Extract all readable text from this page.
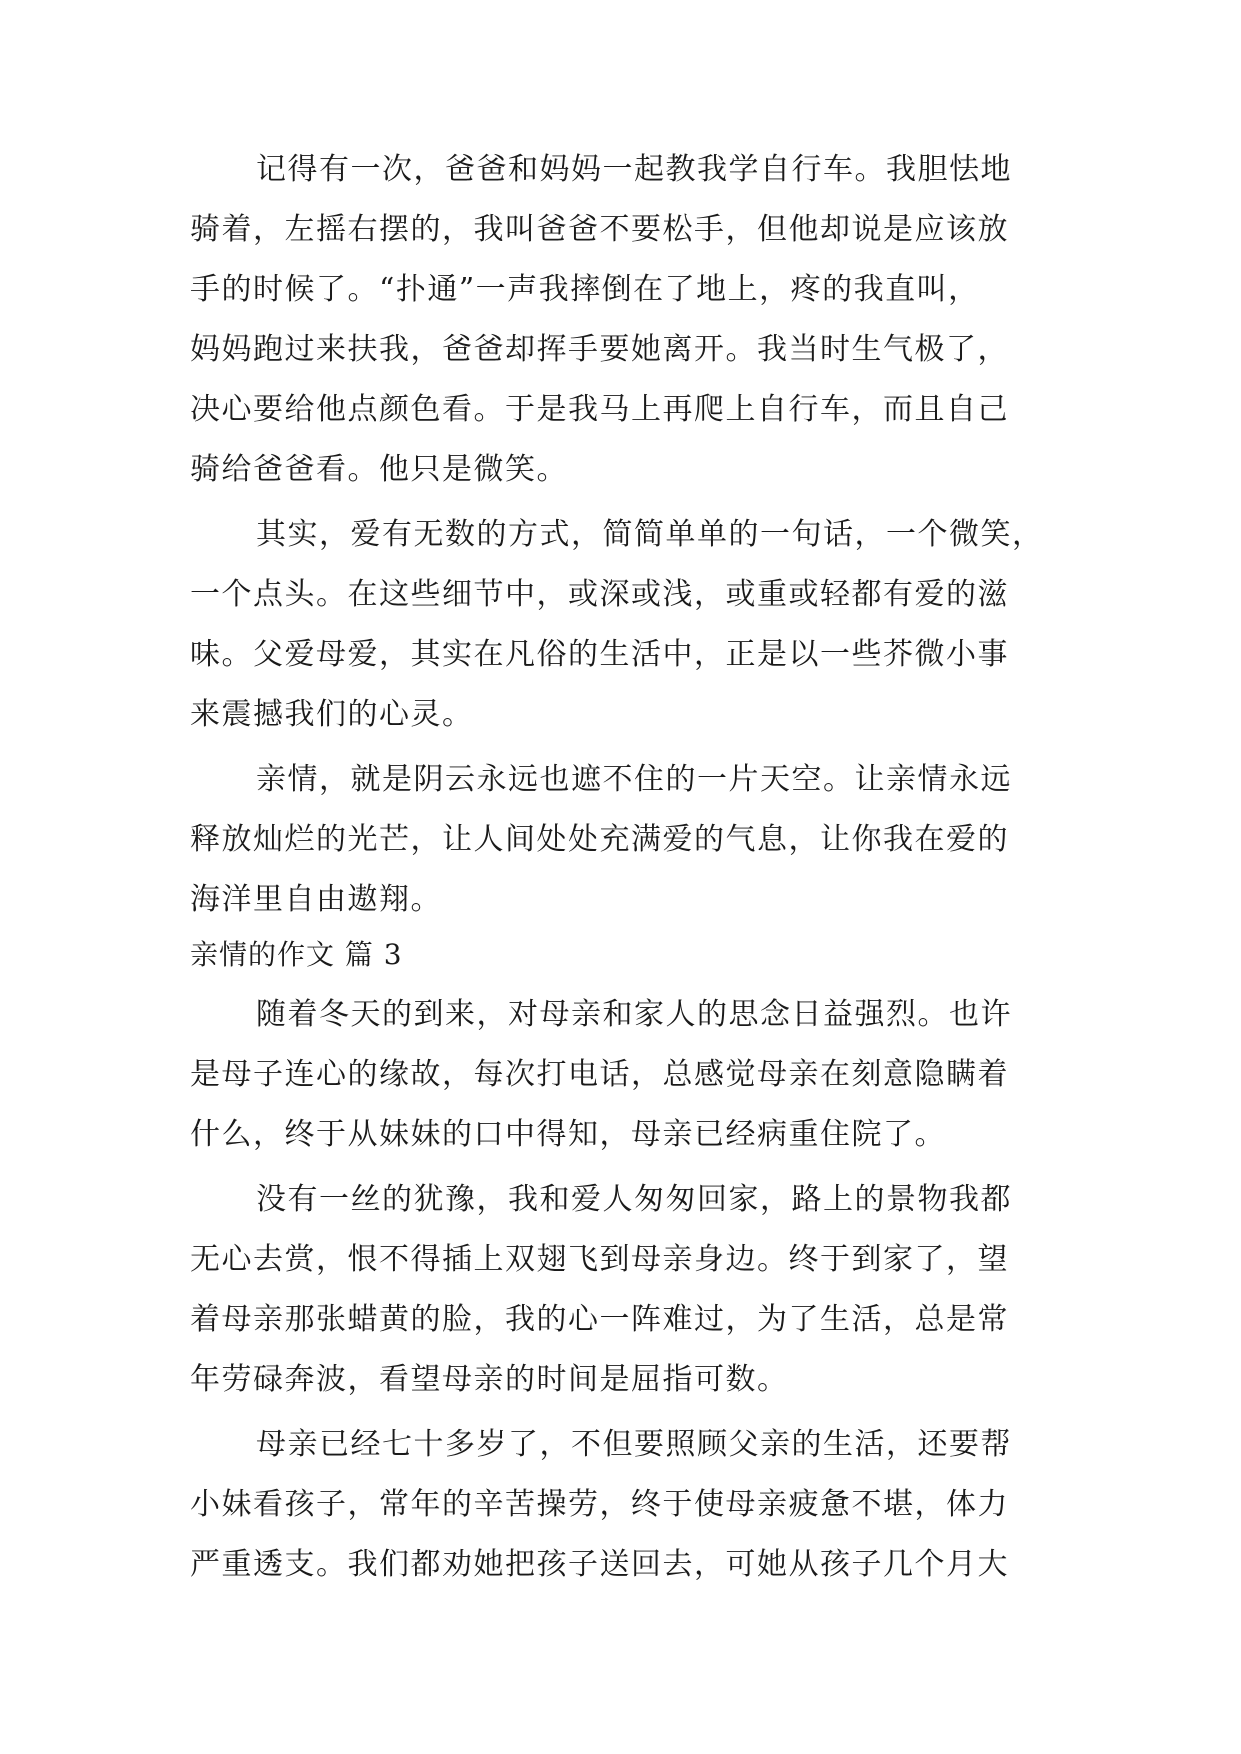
记得有一次，爸爸和妈妈一起教我学自行车。我胆怯地
骑着，左摇右摆的，我叫爸爸不要松手，但他却说是应该放
手的时候了。“扑通”一声我摔倒在了地上，疼的我直叫，
妈妈跑过来扶我，爸爸却挥手要她离开。我当时生气极了，
决心要给他点颜色看。于是我马上再爬上自行车，而且自己
骑给爸爸看。他只是微笑。
其实，爱有无数的方式，简简单单的一句话，一个微笑，
一个点头。在这些细节中，或深或浅，或重或轻都有爱的滋
味。父爱母爱，其实在凡俗的生活中，正是以一些芥微小事
来震撼我们的心灵。
亲情，就是阴云永远也遮不住的一片天空。让亲情永远
释放灿烂的光芒，让人间处处充满爱的气息，让你我在爱的
海洋里自由遨翔。
亲情的作文 篇 3
随着冬天的到来，对母亲和家人的思念日益强烈。也许
是母子连心的缘故，每次打电话，总感觉母亲在刻意隐瞒着
什么，终于从妹妹的口中得知，母亲已经病重住院了。
没有一丝的犹豫，我和爱人匆匆回家，路上的景物我都
无心去赏，恨不得插上双翅飞到母亲身边。终于到家了，望
着母亲那张蜡黄的脸，我的心一阵难过，为了生活，总是常
年劳碌奔波，看望母亲的时间是屈指可数。
母亲已经七十多岁了，不但要照顾父亲的生活，还要帮
小妹看孩子，常年的辛苦操劳，终于使母亲疲惫不堪，体力
严重透支。我们都劝她把孩子送回去，可她从孩子几个月大
